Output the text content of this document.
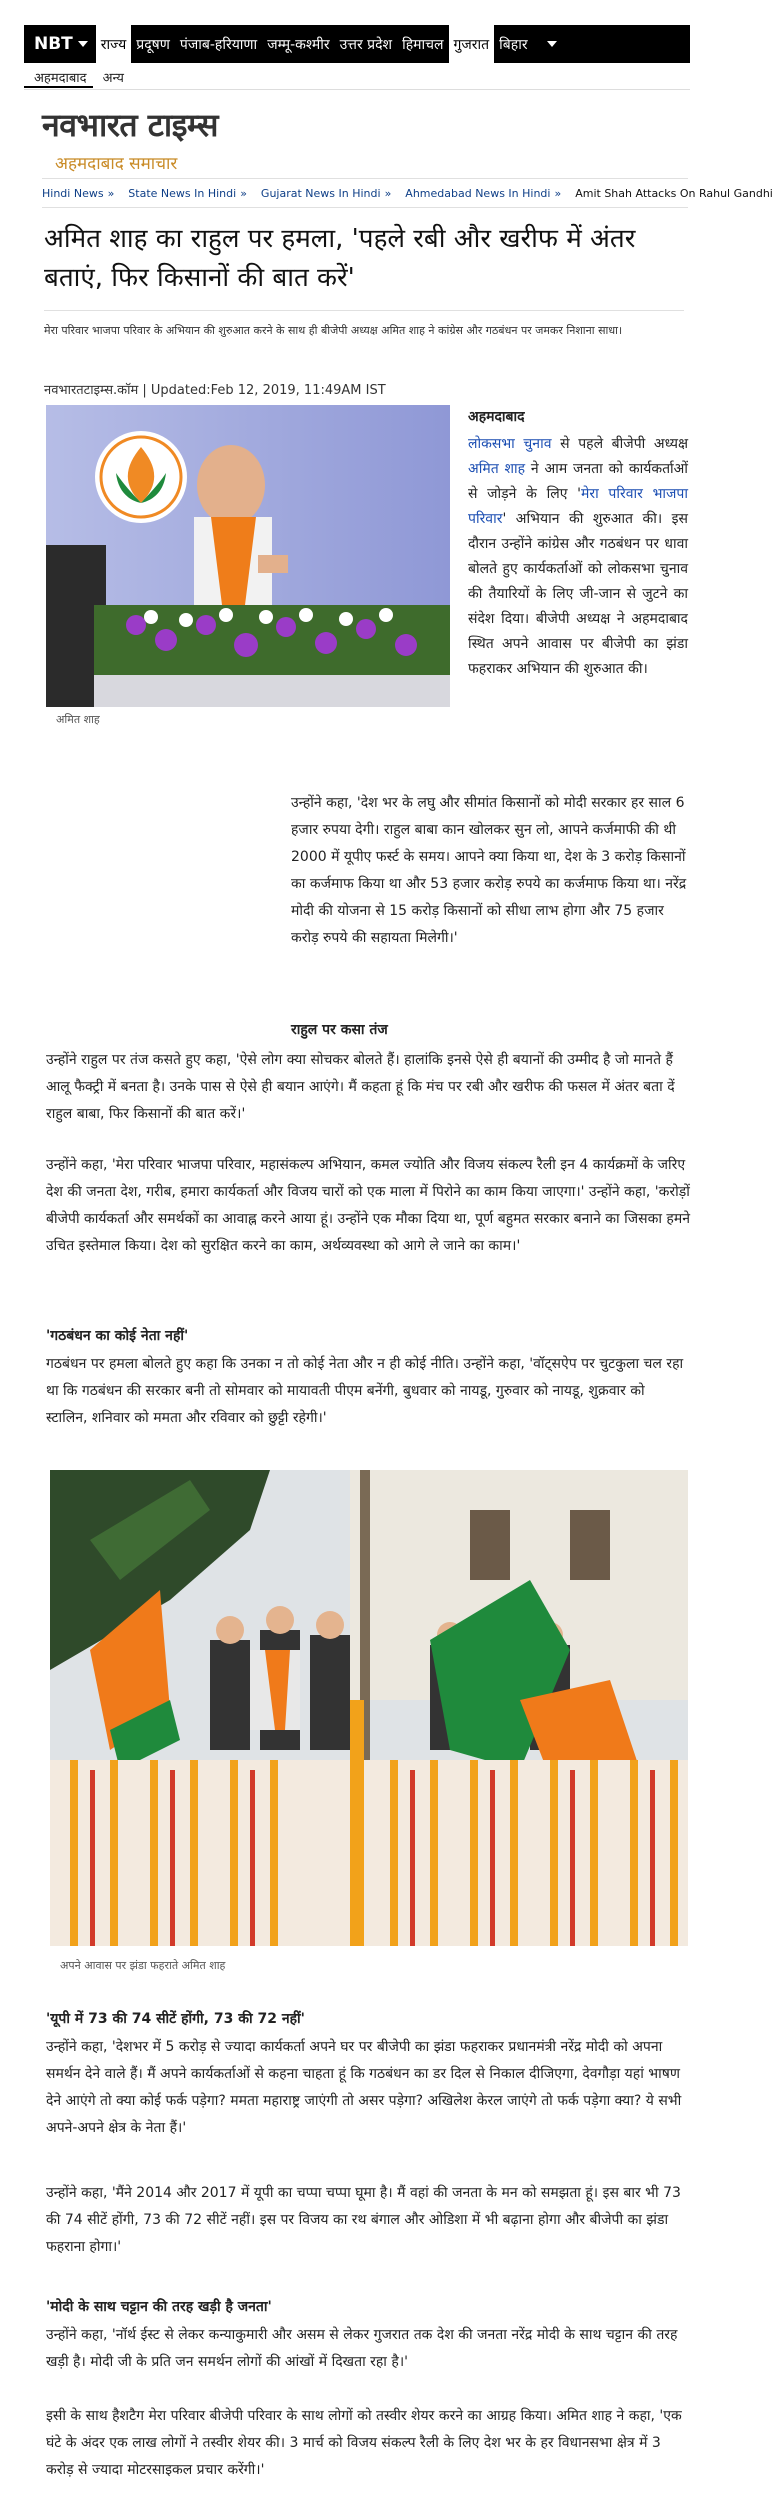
NBT	राज्य प्रदूषण पंजाब-हरियाणा जम्मू-कश्मीर उत्तर प्रदेश हिमाचल गुजरात बिहार
अहमदाबाद	अन्य
नवभारत टाइम्स
अहमदाबाद समाचार
Hindi News » State News In Hindi » Gujarat News In Hindi » Ahmedabad News In Hindi » Amit Shah Attacks On Rahul Gandhi
अमित शाह का राहुल पर हमला, 'पहले रबी और खरीफ में अंतर बताएं, फिर किसानों की बात करें'
मेरा परिवार भाजपा परिवार के अभियान की शुरुआत करने के साथ ही बीजेपी अध्यक्ष अमित शाह ने कांग्रेस और गठबंधन पर जमकर निशाना साधा।
नवभारतटाइम्स.कॉम | Updated:Feb 12, 2019, 11:49AM IST
अमित शाह
अहमदाबाद
लोकसभा चुनाव से पहले बीजेपी अध्यक्ष अमित शाह ने आम जनता को कार्यकर्ताओं से जोड़ने के लिए 'मेरा परिवार भाजपा परिवार' अभियान की शुरुआत की। इस दौरान उन्होंने कांग्रेस और गठबंधन पर धावा बोलते हुए कार्यकर्ताओं को लोकसभा चुनाव की तैयारियों के लिए जी-जान से जुटने का संदेश दिया। बीजेपी अध्यक्ष ने अहमदाबाद स्थित अपने आवास पर बीजेपी का झंडा फहराकर अभियान की शुरुआत की।

उन्होंने कहा, 'देश भर के लघु और सीमांत किसानों को मोदी सरकार हर साल 6 हजार रुपया देगी। राहुल बाबा कान खोलकर सुन लो, आपने कर्जमाफी की थी 2000 में यूपीए फर्स्ट के समय। आपने क्या किया था, देश के 3 करोड़ किसानों का कर्जमाफ किया था और 53 हजार करोड़ रुपये का कर्जमाफ किया था। नरेंद्र मोदी की योजना से 15 करोड़ किसानों को सीधा लाभ होगा और 75 हजार करोड़ रुपये की सहायता मिलेगी।'

राहुल पर कसा तंज

उन्होंने राहुल पर तंज कसते हुए कहा, 'ऐसे लोग क्या सोचकर बोलते हैं। हालांकि इनसे ऐसे ही बयानों की उम्मीद है जो मानते हैं आलू फैक्ट्री में बनता है। उनके पास से ऐसे ही बयान आएंगे। मैं कहता हूं कि मंच पर रबी और खरीफ की फसल में अंतर बता दें राहुल बाबा, फिर किसानों की बात करें।'

उन्होंने कहा, 'मेरा परिवार भाजपा परिवार, महासंकल्प अभियान, कमल ज्योति और विजय संकल्प रैली इन 4 कार्यक्रमों के जरिए देश की जनता देश, गरीब, हमारा कार्यकर्ता और विजय चारों को एक माला में पिरोने का काम किया जाएगा।' उन्होंने कहा, 'करोड़ों बीजेपी कार्यकर्ता और समर्थकों का आवाह्न करने आया हूं। उन्होंने एक मौका दिया था, पूर्ण बहुमत सरकार बनाने का जिसका हमने उचित इस्तेमाल किया। देश को सुरक्षित करने का काम, अर्थव्यवस्था को आगे ले जाने का काम।'

'गठबंधन का कोई नेता नहीं'

गठबंधन पर हमला बोलते हुए कहा कि उनका न तो कोई नेता और न ही कोई नीति। उन्होंने कहा, 'वॉट्सऐप पर चुटकुला चल रहा था कि गठबंधन की सरकार बनी तो सोमवार को मायावती पीएम बनेंगी, बुधवार को नायडू, गुरुवार को नायडू, शुक्रवार को स्टालिन, शनिवार को ममता और रविवार को छुट्टी रहेगी।'

अपने आवास पर झंडा फहराते अमित शाह
'यूपी में 73 की 74 सीटें होंगी, 73 की 72 नहीं'

उन्होंने कहा, 'देशभर में 5 करोड़ से ज्यादा कार्यकर्ता अपने घर पर बीजेपी का झंडा फहराकर प्रधानमंत्री नरेंद्र मोदी को अपना समर्थन देने वाले हैं। मैं अपने कार्यकर्ताओं से कहना चाहता हूं कि गठबंधन का डर दिल से निकाल दीजिएगा, देवगौड़ा यहां भाषण देने आएंगे तो क्या कोई फर्क पड़ेगा? ममता महाराष्ट्र जाएंगी तो असर पड़ेगा? अखिलेश केरल जाएंगे तो फर्क पड़ेगा क्या? ये सभी अपने-अपने क्षेत्र के नेता हैं।'

उन्होंने कहा, 'मैंने 2014 और 2017 में यूपी का चप्पा चप्पा घूमा है। मैं वहां की जनता के मन को समझता हूं। इस बार भी 73 की 74 सीटें होंगी, 73 की 72 सीटें नहीं। इस पर विजय का रथ बंगाल और ओडिशा में भी बढ़ाना होगा और बीजेपी का झंडा फहराना होगा।'

'मोदी के साथ चट्टान की तरह खड़ी है जनता'

उन्होंने कहा, 'नॉर्थ ईस्ट से लेकर कन्याकुमारी और असम से लेकर गुजरात तक देश की जनता नरेंद्र मोदी के साथ चट्टान की तरह खड़ी है। मोदी जी के प्रति जन समर्थन लोगों की आंखों में दिखता रहा है।'

इसी के साथ हैशटैग मेरा परिवार बीजेपी परिवार के साथ लोगों को तस्वीर शेयर करने का आग्रह किया। अमित शाह ने कहा, 'एक घंटे के अंदर एक लाख लोगों ने तस्वीर शेयर की। 3 मार्च को विजय संकल्प रैली के लिए देश भर के हर विधानसभा क्षेत्र में 3 करोड़ से ज्यादा मोटरसाइकल प्रचार करेंगी।'
